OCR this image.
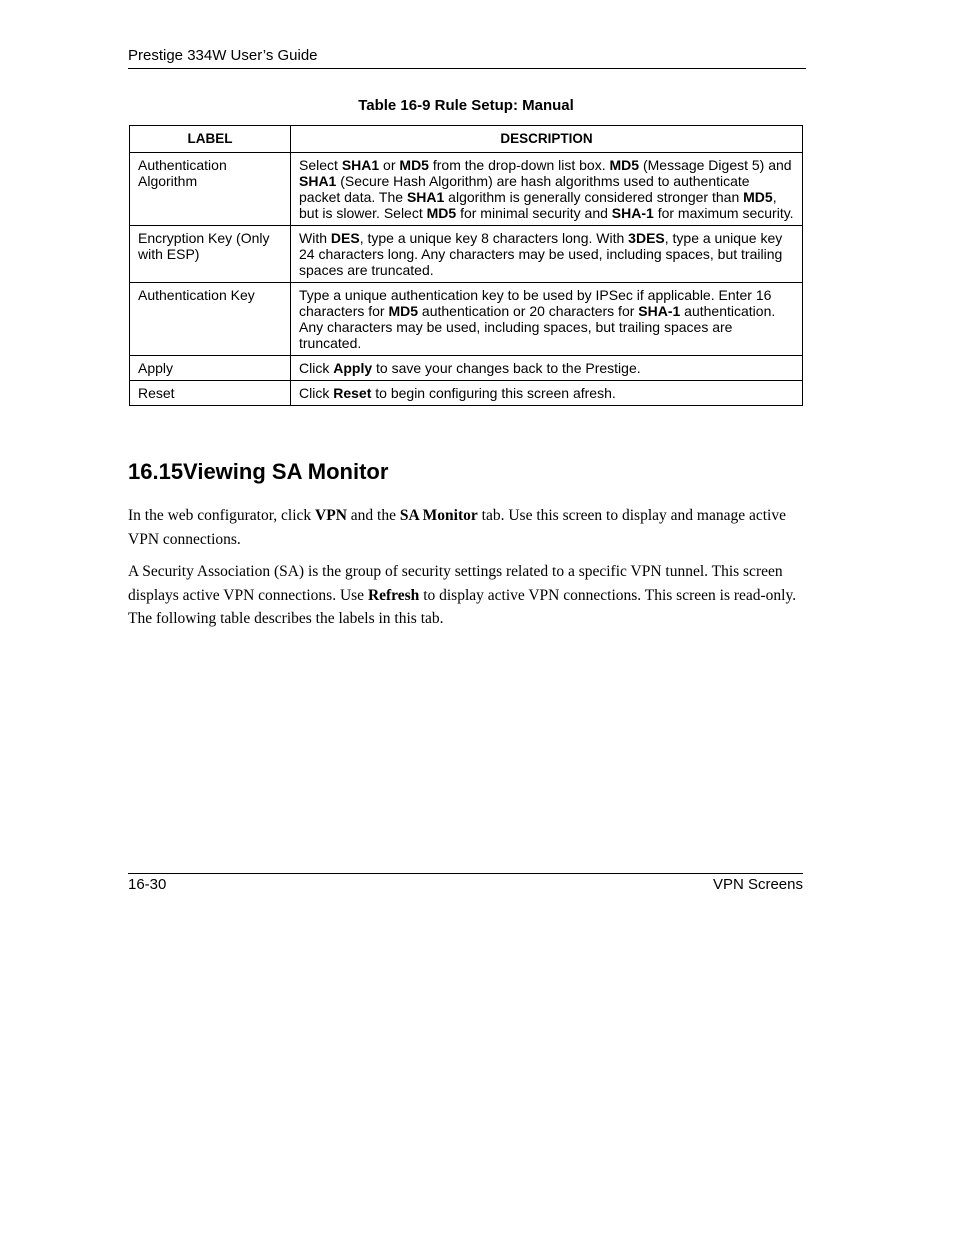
Prestige 334W User’s Guide
Table 16-9 Rule Setup: Manual
LABEL	DESCRIPTION
Authentication Algorithm	Select SHA1 or MD5 from the drop-down list box. MD5 (Message Digest 5) and SHA1 (Secure Hash Algorithm) are hash algorithms used to authenticate packet data. The SHA1 algorithm is generally considered stronger than MD5, but is slower. Select MD5 for minimal security and SHA-1 for maximum security.
Encryption Key (Only with ESP)	With DES, type a unique key 8 characters long. With 3DES, type a unique key 24 characters long. Any characters may be used, including spaces, but trailing spaces are truncated.
Authentication Key	Type a unique authentication key to be used by IPSec if applicable. Enter 16 characters for MD5 authentication or 20 characters for SHA-1 authentication. Any characters may be used, including spaces, but trailing spaces are truncated.
Apply	Click Apply to save your changes back to the Prestige.
Reset	Click Reset to begin configuring this screen afresh.
16.15Viewing SA Monitor

In the web configurator, click VPN and the SA Monitor tab. Use this screen to display and manage active VPN connections.

A Security Association (SA) is the group of security settings related to a specific VPN tunnel. This screen displays active VPN connections. Use Refresh to display active VPN connections. This screen is read-only. The following table describes the labels in this tab.

16-30	VPN Screens
